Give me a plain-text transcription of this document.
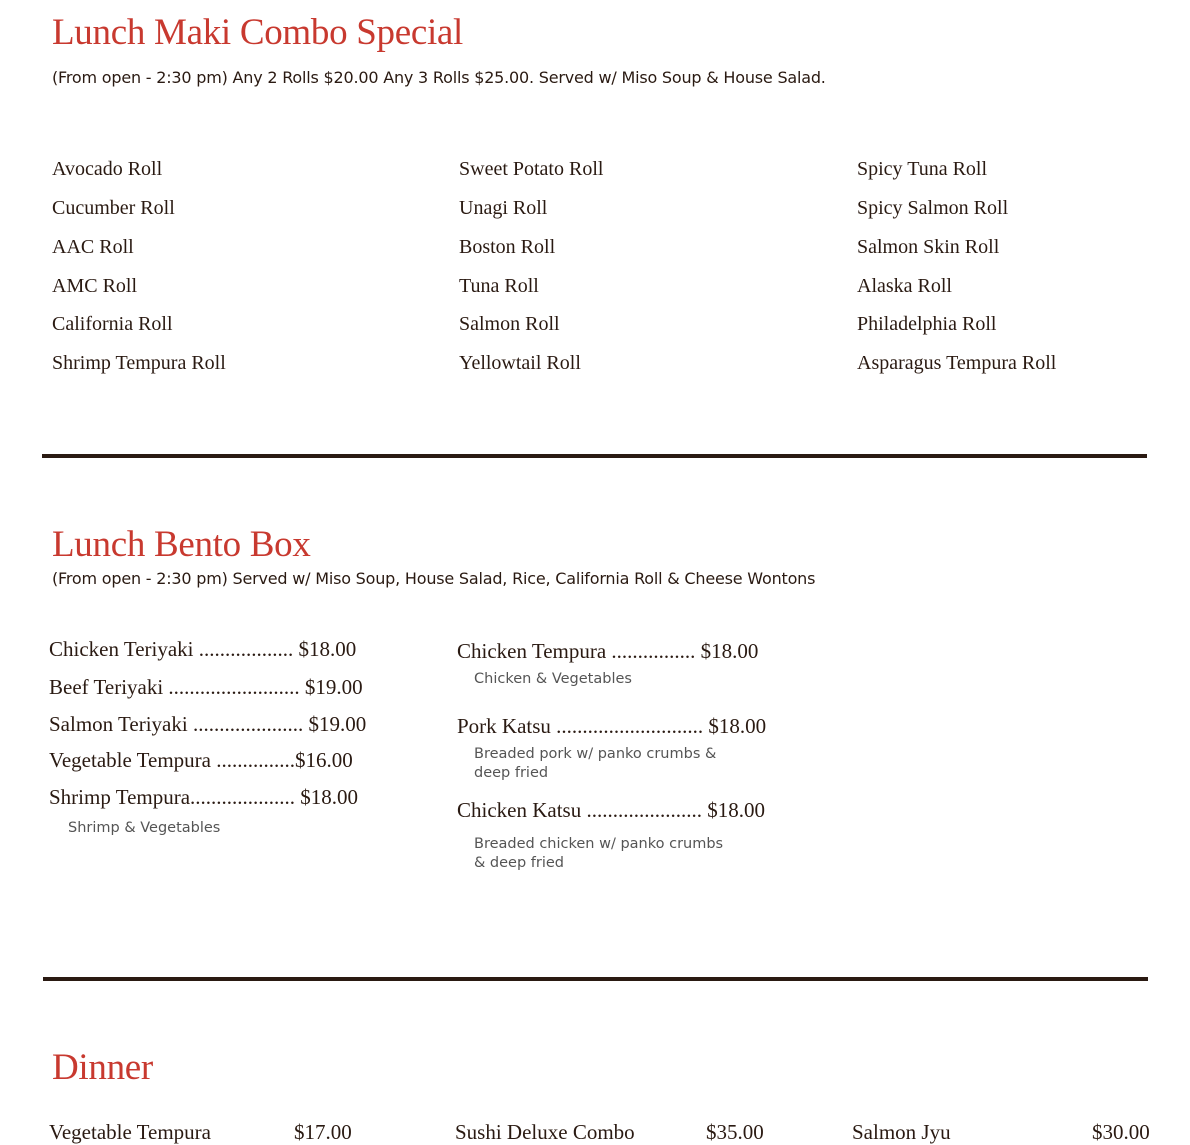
Lunch Maki Combo Special
(From open - 2:30 pm) Any 2 Rolls $20.00 Any 3 Rolls $25.00. Served w/ Miso Soup & House Salad.
Avocado Roll
Cucumber Roll
AAC Roll
AMC Roll
California Roll
Shrimp Tempura Roll
Sweet Potato Roll
Unagi Roll
Boston Roll
Tuna Roll
Salmon Roll
Yellowtail Roll
Spicy Tuna Roll
Spicy Salmon Roll
Salmon Skin Roll
Alaska Roll
Philadelphia Roll
Asparagus Tempura Roll
Lunch Bento Box
(From open - 2:30 pm) Served w/ Miso Soup, House Salad, Rice, California Roll & Cheese Wontons
Chicken Teriyaki .................. $18.00
Beef Teriyaki ......................... $19.00
Salmon Teriyaki ..................... $19.00
Vegetable Tempura ...............$16.00
Shrimp Tempura.................... $18.00
Shrimp & Vegetables
Chicken Tempura ................ $18.00
Chicken & Vegetables
Pork Katsu ............................ $18.00
Breaded pork w/ panko crumbs & deep fried
Chicken Katsu ...................... $18.00
Breaded chicken w/ panko crumbs & deep fried
Dinner
Vegetable Tempura	$17.00	Sushi Deluxe Combo	$35.00	Salmon Jyu	$30.00
